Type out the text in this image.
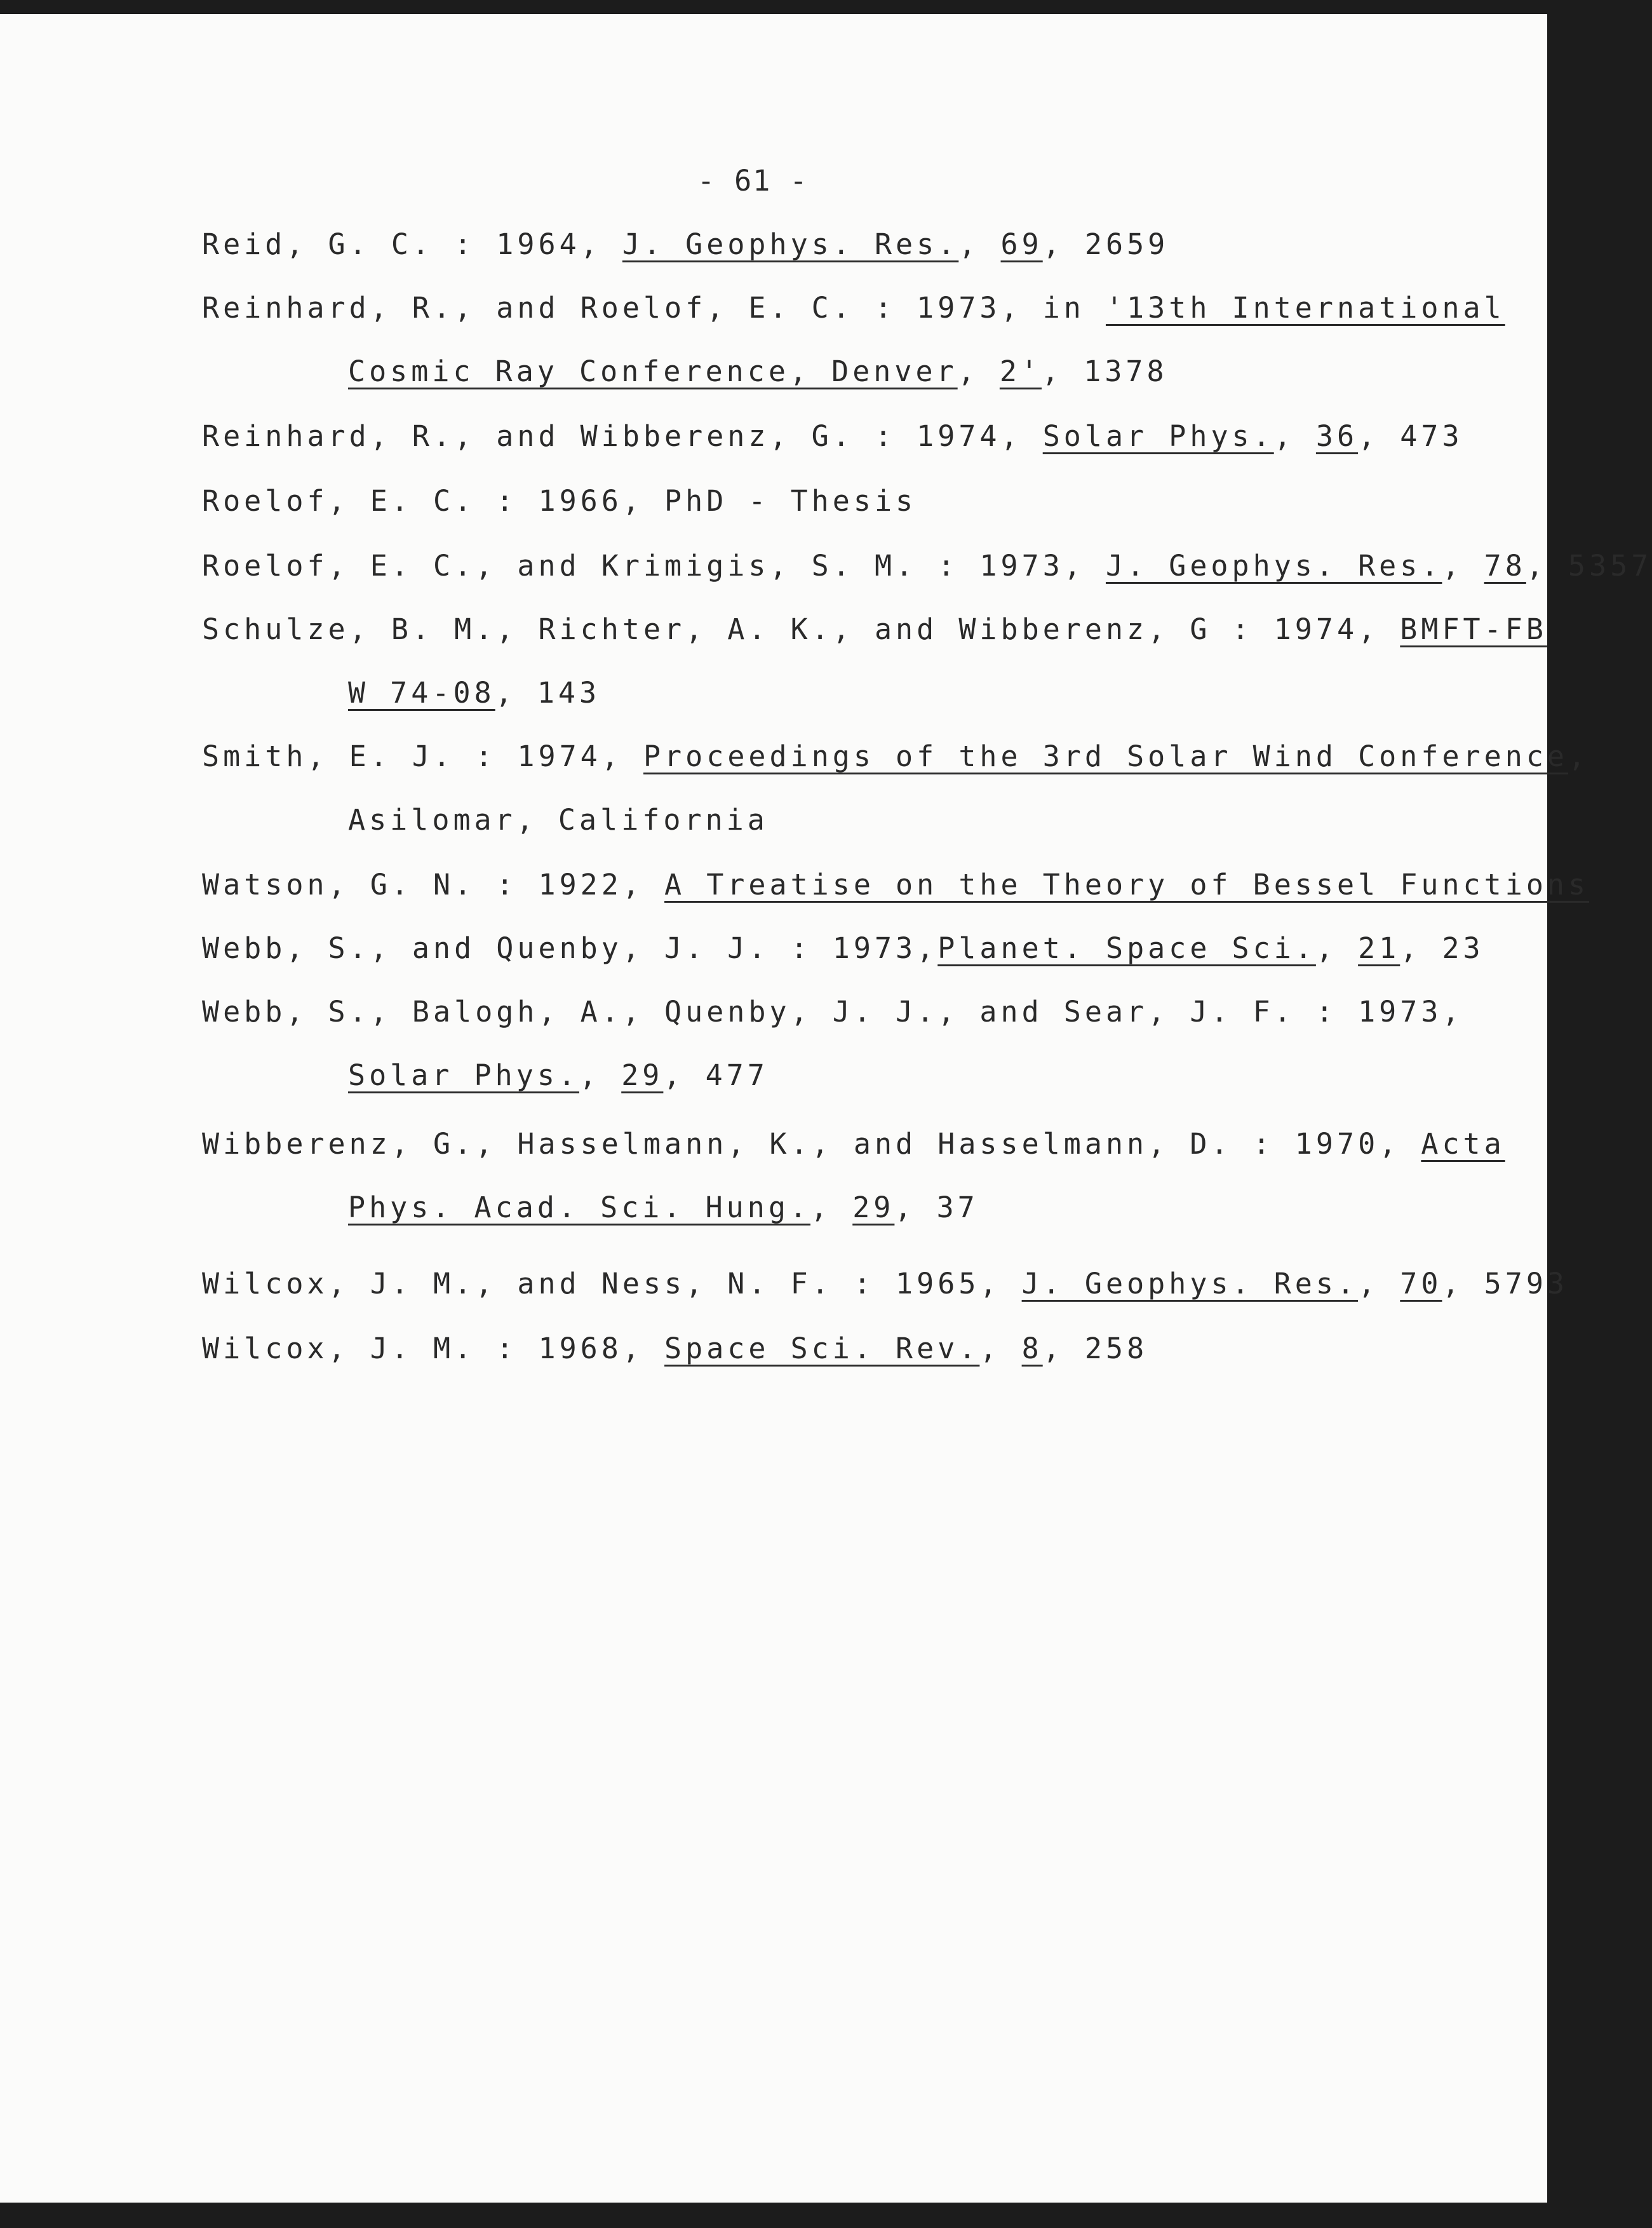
- 61 -
Reid, G. C. : 1964, J. Geophys. Res., 69, 2659
Reinhard, R., and Roelof, E. C. : 1973, in '13th International
Cosmic Ray Conference, Denver, 2', 1378
Reinhard, R., and Wibberenz, G. : 1974, Solar Phys., 36, 473
Roelof, E. C. : 1966, PhD - Thesis
Roelof, E. C., and Krimigis, S. M. : 1973, J. Geophys. Res., 78, 5357
Schulze, B. M., Richter, A. K., and Wibberenz, G : 1974, BMFT-FB
W 74-08, 143
Smith, E. J. : 1974, Proceedings of the 3rd Solar Wind Conference,
Asilomar, California
Watson, G. N. : 1922, A Treatise on the Theory of Bessel Functions
Webb, S., and Quenby, J. J. : 1973,Planet. Space Sci., 21, 23
Webb, S., Balogh, A., Quenby, J. J., and Sear, J. F. : 1973,
Solar Phys., 29, 477
Wibberenz, G., Hasselmann, K., and Hasselmann, D. : 1970, Acta
Phys. Acad. Sci. Hung., 29, 37
Wilcox, J. M., and Ness, N. F. : 1965, J. Geophys. Res., 70, 5793
Wilcox, J. M. : 1968, Space Sci. Rev., 8, 258
